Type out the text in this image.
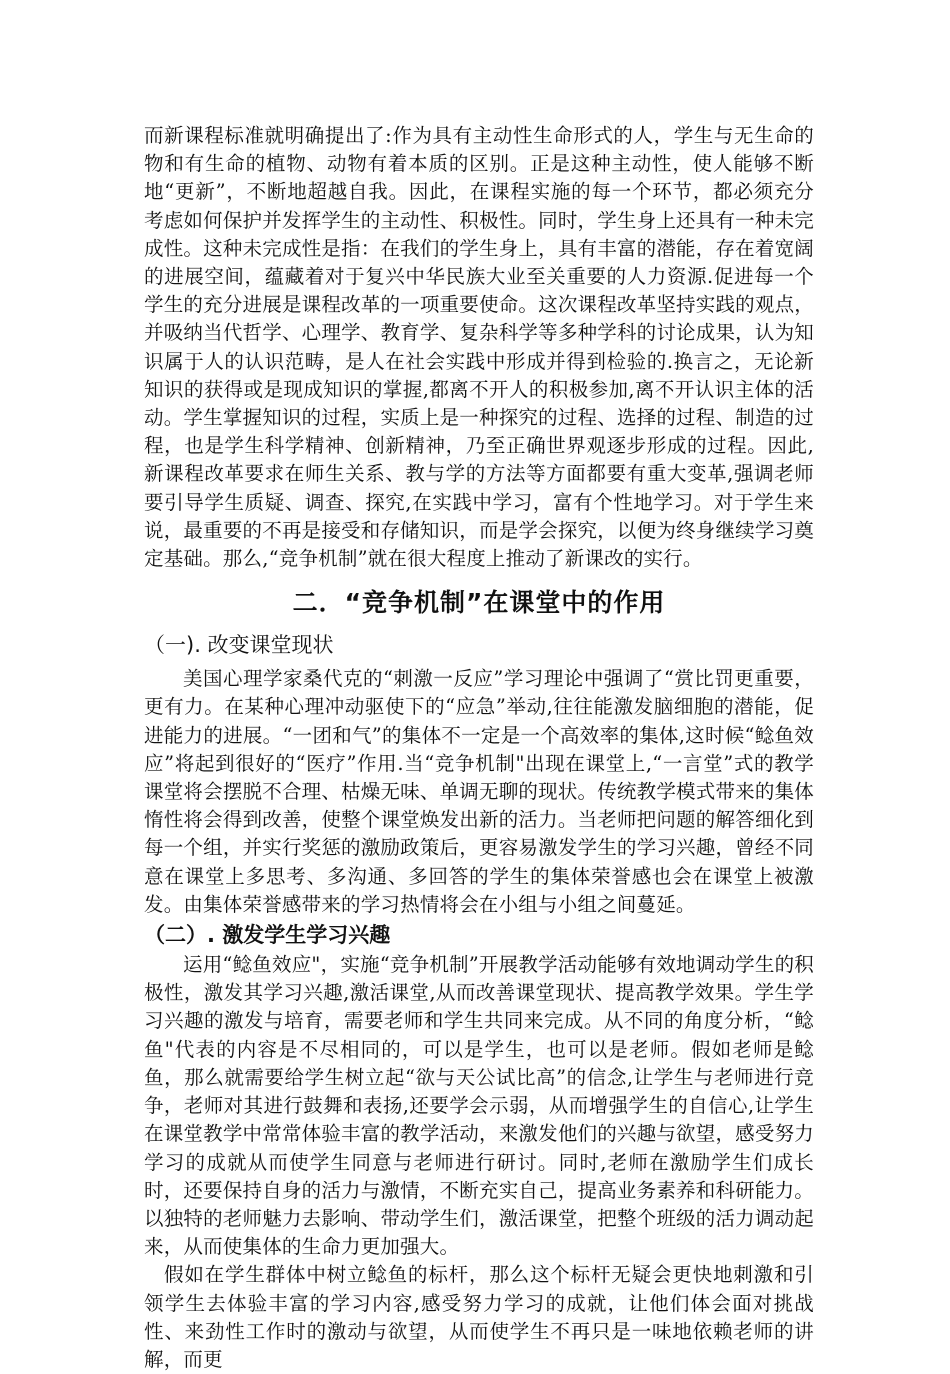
而新课程标准就明确提出了:作为具有主动性生命形式的人，学生与无生命的物和有生命的植物、动物有着本质的区别。正是这种主动性，使人能够不断地“更新”，不断地超越自我。因此，在课程实施的每一个环节，都必须充分考虑如何保护并发挥学生的主动性、积极性。同时，学生身上还具有一种未完成性。这种未完成性是指：在我们的学生身上，具有丰富的潜能，存在着宽阔的进展空间，蕴藏着对于复兴中华民族大业至关重要的人力资源.促进每一个学生的充分进展是课程改革的一项重要使命。这次课程改革坚持实践的观点，并吸纳当代哲学、心理学、教育学、复杂科学等多种学科的讨论成果，认为知识属于人的认识范畴，是人在社会实践中形成并得到检验的.换言之，无论新知识的获得或是现成知识的掌握,都离不开人的积极参加,离不开认识主体的活动。学生掌握知识的过程，实质上是一种探究的过程、选择的过程、制造的过程，也是学生科学精神、创新精神，乃至正确世界观逐步形成的过程。因此,新课程改革要求在师生关系、教与学的方法等方面都要有重大变革,强调老师要引导学生质疑、调查、探究,在实践中学习，富有个性地学习。对于学生来说，最重要的不再是接受和存储知识，而是学会探究，以便为终身继续学习奠定基础。那么,“竞争机制”就在很大程度上推动了新课改的实行。

二．“竞争机制”在课堂中的作用
（一). 改变课堂现状

美国心理学家桑代克的“刺激一反应”学习理论中强调了“赏比罚更重要，更有力。在某种心理冲动驱使下的“应急”举动,往往能激发脑细胞的潜能，促进能力的进展。“一团和气”的集体不一定是一个高效率的集体,这时候“鲶鱼效应”将起到很好的“医疗”作用.当“竞争机制"出现在课堂上,“一言堂”式的教学课堂将会摆脱不合理、枯燥无味、单调无聊的现状。传统教学模式带来的集体惰性将会得到改善，使整个课堂焕发出新的活力。当老师把问题的解答细化到每一个组，并实行奖惩的激励政策后，更容易激发学生的学习兴趣，曾经不同意在课堂上多思考、多沟通、多回答的学生的集体荣誉感也会在课堂上被激发。由集体荣誉感带来的学习热情将会在小组与小组之间蔓延。

（二）. 激发学生学习兴趣

运用“鲶鱼效应"，实施“竞争机制”开展教学活动能够有效地调动学生的积极性，激发其学习兴趣,激活课堂,从而改善课堂现状、提高教学效果。学生学习兴趣的激发与培育，需要老师和学生共同来完成。从不同的角度分析，“鲶鱼"代表的内容是不尽相同的，可以是学生，也可以是老师。假如老师是鲶鱼，那么就需要给学生树立起“欲与天公试比高”的信念,让学生与老师进行竞争，老师对其进行鼓舞和表扬,还要学会示弱，从而增强学生的自信心,让学生在课堂教学中常常体验丰富的教学活动，来激发他们的兴趣与欲望，感受努力学习的成就从而使学生同意与老师进行研讨。同时,老师在激励学生们成长时，还要保持自身的活力与激情，不断充实自己，提高业务素养和科研能力。以独特的老师魅力去影响、带动学生们，激活课堂，把整个班级的活力调动起来，从而使集体的生命力更加强大。

假如在学生群体中树立鲶鱼的标杆，那么这个标杆无疑会更快地刺激和引领学生去体验丰富的学习内容,感受努力学习的成就，让他们体会面对挑战性、来劲性工作时的激动与欲望，从而使学生不再只是一味地依赖老师的讲解，而更
